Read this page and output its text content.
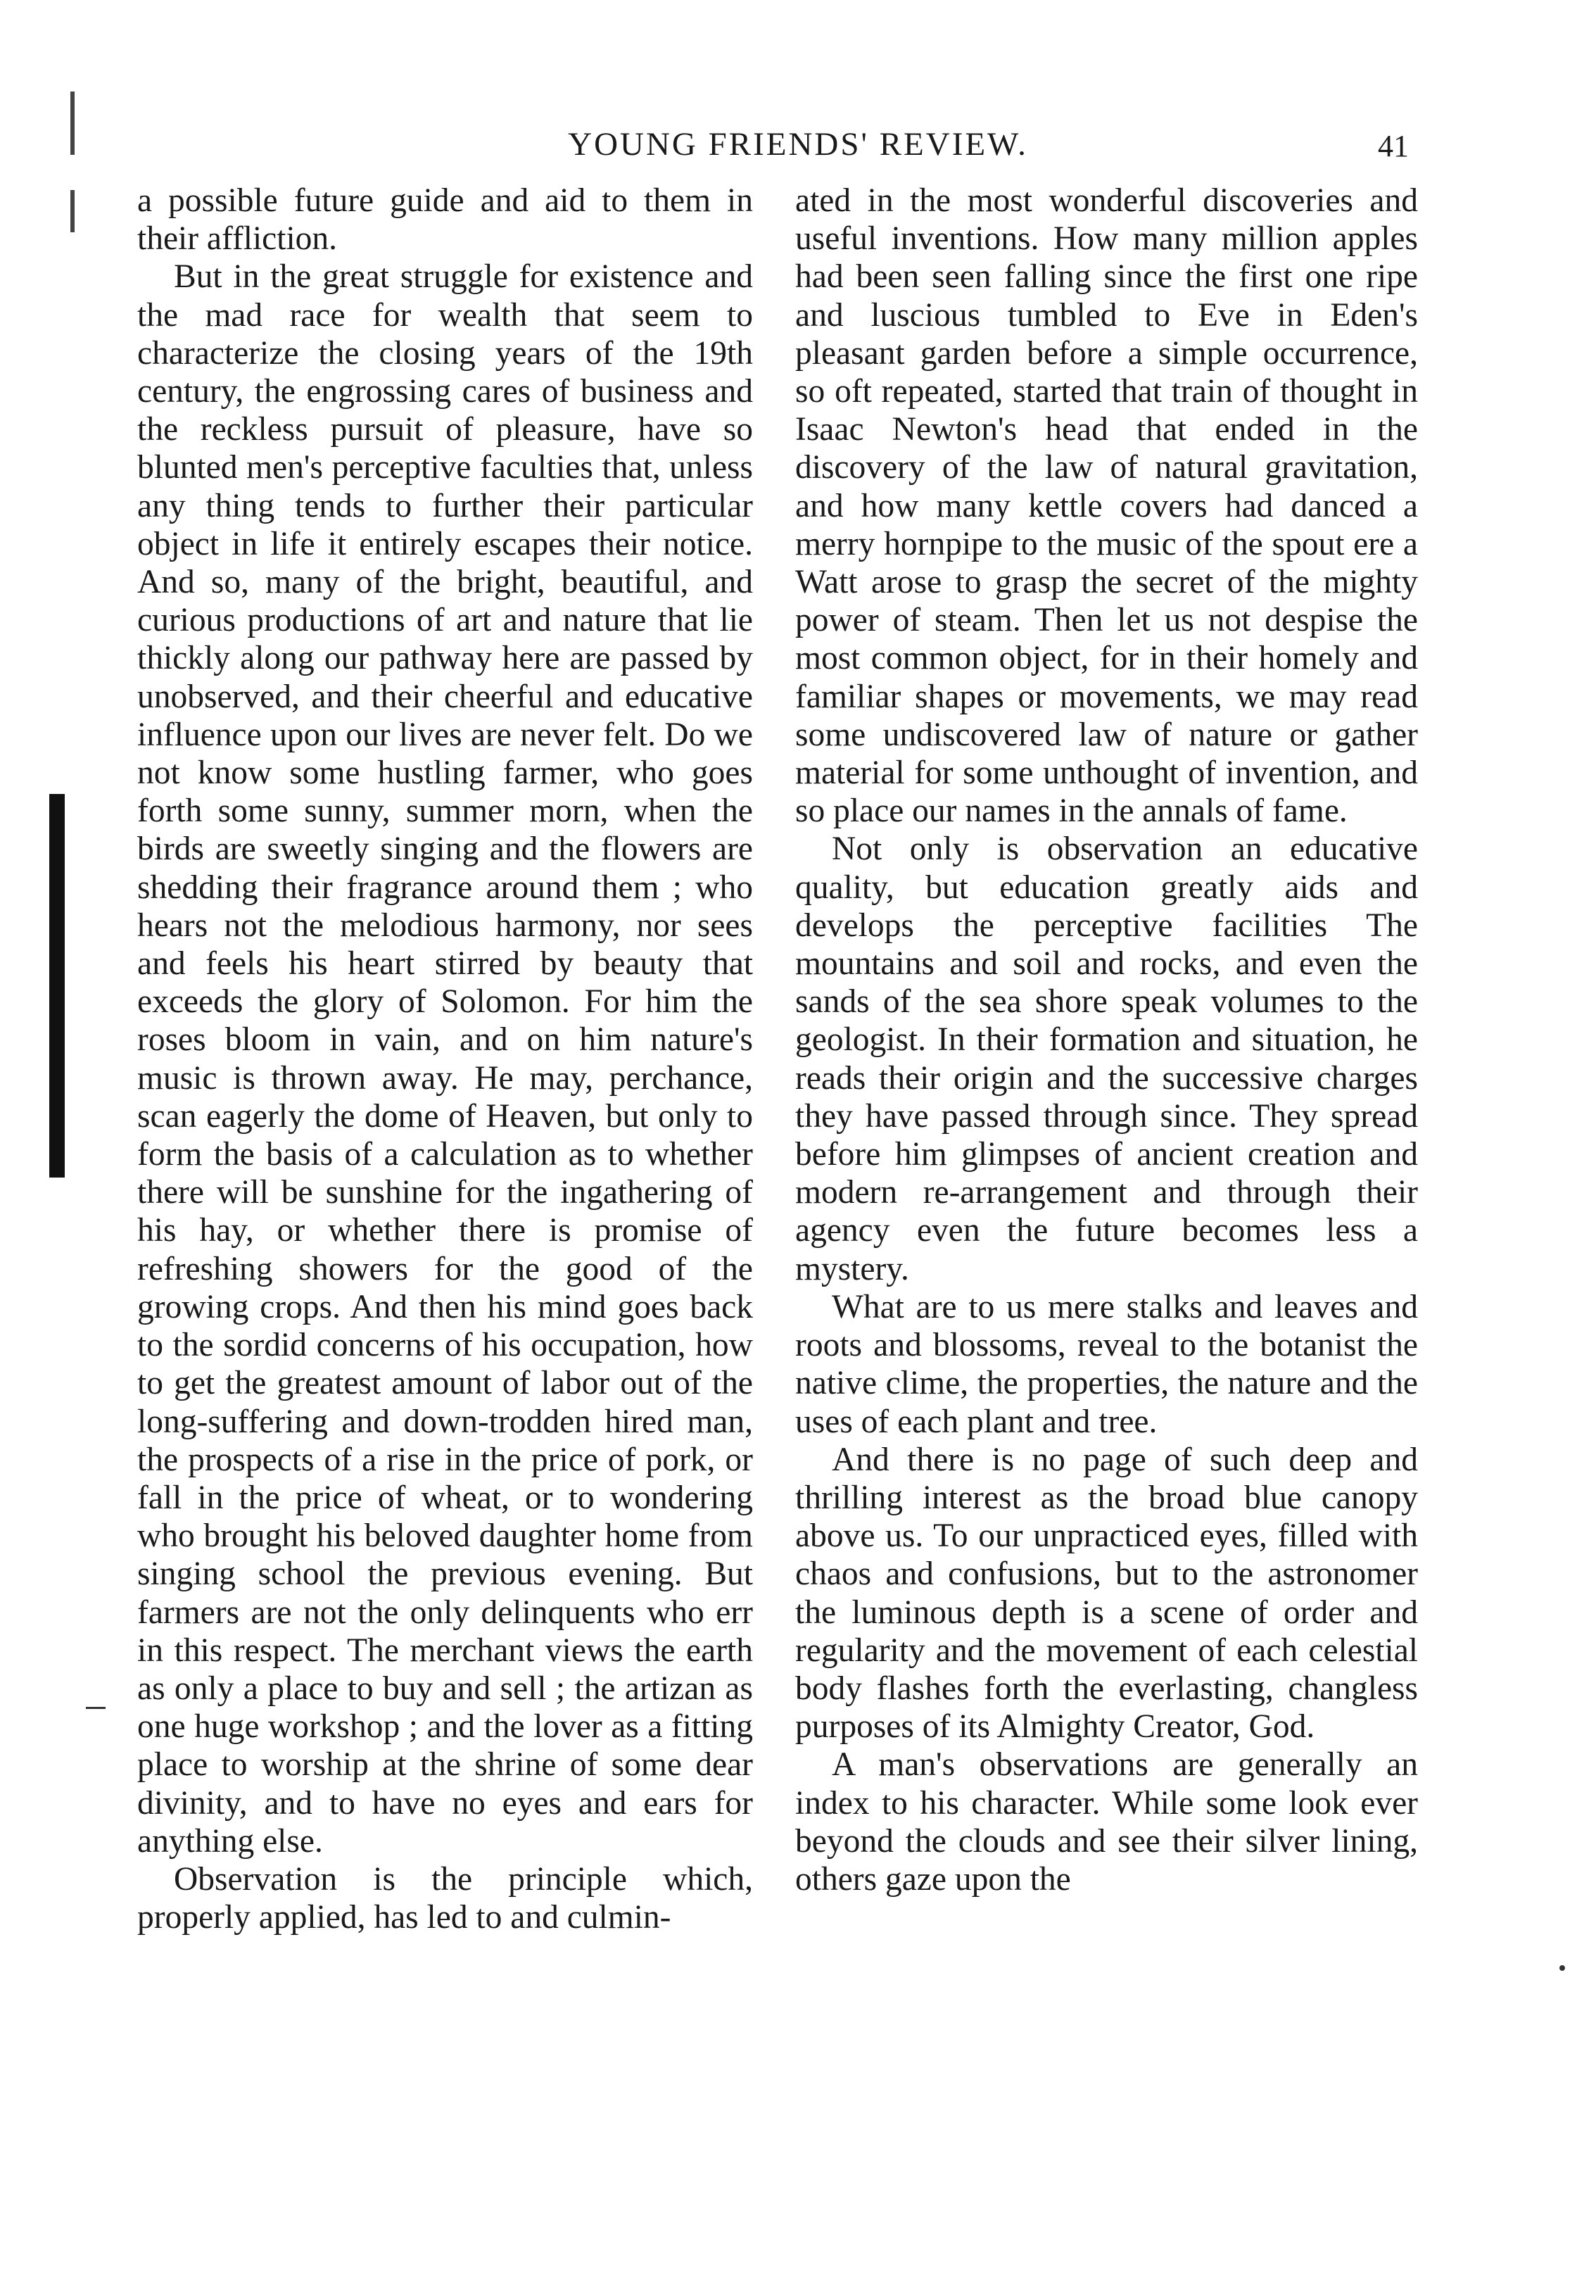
YOUNG FRIENDS' REVIEW.	41

a possible future guide and aid to them in their affliction.

But in the great struggle for existence and the mad race for wealth that seem to characterize the closing years of the 19th century, the engrossing cares of business and the reckless pursuit of pleasure, have so blunted men's perceptive faculties that, unless any thing tends to further their particular object in life it entirely escapes their notice. And so, many of the bright, beautiful, and curious productions of art and nature that lie thickly along our pathway here are passed by unobserved, and their cheerful and educative influence upon our lives are never felt. Do we not know some hustling farmer, who goes forth some sunny, summer morn, when the birds are sweetly singing and the flowers are shedding their fragrance around them ; who hears not the melodious harmony, nor sees and feels his heart stirred by beauty that exceeds the glory of Solomon. For him the roses bloom in vain, and on him nature's music is thrown away. He may, perchance, scan eagerly the dome of Heaven, but only to form the basis of a calculation as to whether there will be sunshine for the ingathering of his hay, or whether there is promise of refreshing showers for the good of the growing crops. And then his mind goes back to the sordid concerns of his occupation, how to get the greatest amount of labor out of the long-suffering and down-trodden hired man, the prospects of a rise in the price of pork, or fall in the price of wheat, or to wondering who brought his beloved daughter home from singing school the previous evening. But farmers are not the only delinquents who err in this respect. The merchant views the earth as only a place to buy and sell ; the artizan as one huge workshop ; and the lover as a fitting place to worship at the shrine of some dear divinity, and to have no eyes and ears for anything else.

Observation is the principle which, properly applied, has led to and culmin-

ated in the most wonderful discoveries and useful inventions. How many million apples had been seen falling since the first one ripe and luscious tumbled to Eve in Eden's pleasant garden before a simple occurrence, so oft repeated, started that train of thought in Isaac Newton's head that ended in the discovery of the law of natural gravitation, and how many kettle covers had danced a merry hornpipe to the music of the spout ere a Watt arose to grasp the secret of the mighty power of steam. Then let us not despise the most common object, for in their homely and familiar shapes or movements, we may read some undiscovered law of nature or gather material for some unthought of invention, and so place our names in the annals of fame.

Not only is observation an educative quality, but education greatly aids and develops the perceptive facilities The mountains and soil and rocks, and even the sands of the sea shore speak volumes to the geologist. In their formation and situation, he reads their origin and the successive charges they have passed through since. They spread before him glimpses of ancient creation and modern re-arrangement and through their agency even the future becomes less a mystery.

What are to us mere stalks and leaves and roots and blossoms, reveal to the botanist the native clime, the properties, the nature and the uses of each plant and tree.

And there is no page of such deep and thrilling interest as the broad blue canopy above us. To our unpracticed eyes, filled with chaos and confusions, but to the astronomer the luminous depth is a scene of order and regularity and the movement of each celestial body flashes forth the everlasting, changless purposes of its Almighty Creator, God.

A man's observations are generally an index to his character. While some look ever beyond the clouds and see their silver lining, others gaze upon the
